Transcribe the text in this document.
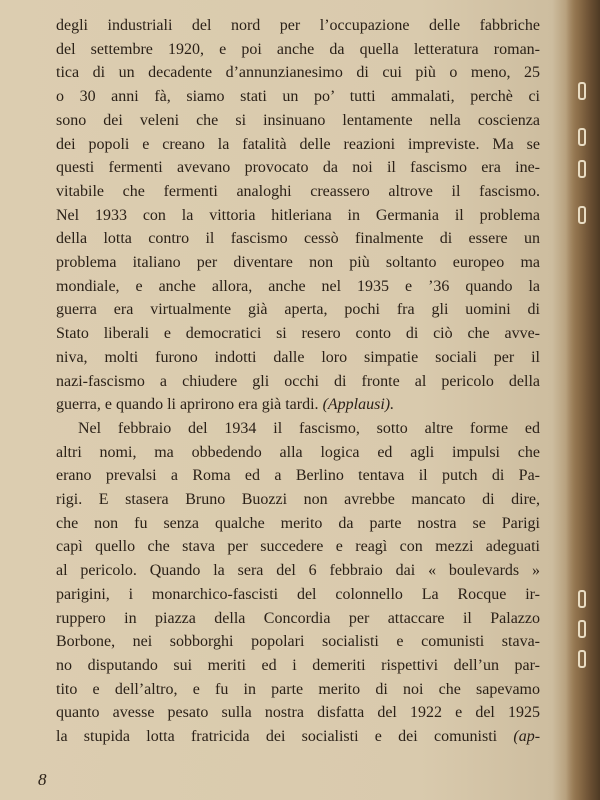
degli industriali del nord per l’occupazione delle fabbriche
del settembre 1920, e poi anche da quella letteratura roman-
tica di un decadente d’annunzianesimo di cui più o meno, 25
o 30 anni fà, siamo stati un po’ tutti ammalati, perchè ci
sono dei veleni che si insinuano lentamente nella coscienza
dei popoli e creano la fatalità delle reazioni impreviste. Ma se
questi fermenti avevano provocato da noi il fascismo era ine-
vitabile che fermenti analoghi creassero altrove il fascismo.
Nel 1933 con la vittoria hitleriana in Germania il problema
della lotta contro il fascismo cessò finalmente di essere un
problema italiano per diventare non più soltanto europeo ma
mondiale, e anche allora, anche nel 1935 e ’36 quando la
guerra era virtualmente già aperta, pochi fra gli uomini di
Stato liberali e democratici si resero conto di ciò che avve-
niva, molti furono indotti dalle loro simpatie sociali per il
nazi-fascismo a chiudere gli occhi di fronte al pericolo della
guerra, e quando li aprirono era già tardi. (Applausi).
Nel febbraio del 1934 il fascismo, sotto altre forme ed
altri nomi, ma obbedendo alla logica ed agli impulsi che
erano prevalsi a Roma ed a Berlino tentava il putch di Pa-
rigi. E stasera Bruno Buozzi non avrebbe mancato di dire,
che non fu senza qualche merito da parte nostra se Parigi
capì quello che stava per succedere e reagì con mezzi adeguati
al pericolo. Quando la sera del 6 febbraio dai « boulevards »
parigini, i monarchico-fascisti del colonnello La Rocque ir-
ruppero in piazza della Concordia per attaccare il Palazzo
Borbone, nei sobborghi popolari socialisti e comunisti stava-
no disputando sui meriti ed i demeriti rispettivi dell’un par-
tito e dell’altro, e fu in parte merito di noi che sapevamo
quanto avesse pesato sulla nostra disfatta del 1922 e del 1925
la stupida lotta fratricida dei socialisti e dei comunisti (ap-
8
